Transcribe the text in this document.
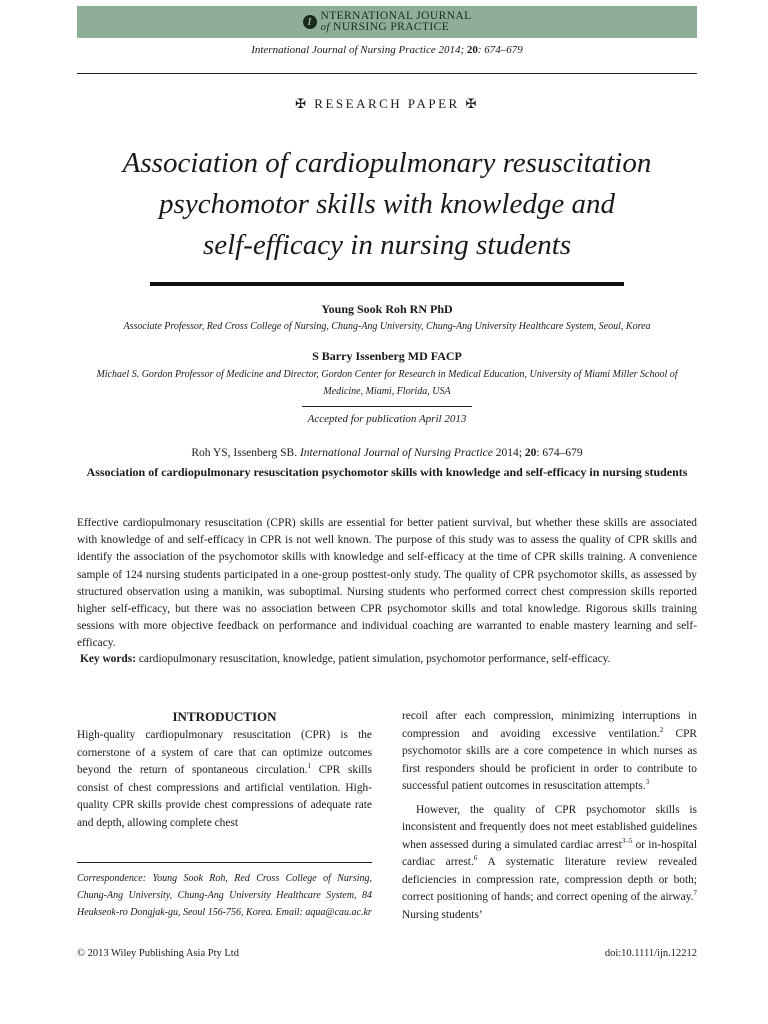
I NTERNATIONAL JOURNAL
of NURSING PRACTICE
International Journal of Nursing Practice 2014; 20: 674–679
✠ RESEARCH PAPER ✠
Association of cardiopulmonary resuscitation
psychomotor skills with knowledge and
self-efficacy in nursing students
Young Sook Roh RN PhD
Associate Professor, Red Cross College of Nursing, Chung-Ang University, Chung-Ang University Healthcare System, Seoul, Korea
S Barry Issenberg MD FACP
Michael S. Gordon Professor of Medicine and Director, Gordon Center for Research in Medical Education, University of Miami Miller School of Medicine, Miami, Florida, USA
Accepted for publication April 2013
Roh YS, Issenberg SB. International Journal of Nursing Practice 2014; 20: 674–679
Association of cardiopulmonary resuscitation psychomotor skills with knowledge and self-efficacy in nursing students
Effective cardiopulmonary resuscitation (CPR) skills are essential for better patient survival, but whether these skills are associated with knowledge of and self-efficacy in CPR is not well known. The purpose of this study was to assess the quality of CPR skills and identify the association of the psychomotor skills with knowledge and self-efficacy at the time of CPR skills training. A convenience sample of 124 nursing students participated in a one-group posttest-only study. The quality of CPR psychomotor skills, as assessed by structured observation using a manikin, was suboptimal. Nursing students who performed correct chest compression skills reported higher self-efficacy, but there was no association between CPR psychomotor skills and total knowledge. Rigorous skills training sessions with more objective feedback on performance and individual coaching are warranted to enable mastery learning and self-efficacy.
Key words: cardiopulmonary resuscitation, knowledge, patient simulation, psychomotor performance, self-efficacy.
INTRODUCTION

High-quality cardiopulmonary resuscitation (CPR) is the cornerstone of a system of care that can optimize outcomes beyond the return of spontaneous circulation.$^1$ CPR skills consist of chest compressions and artificial ventilation. High-quality CPR skills provide chest compressions of adequate rate and depth, allowing complete chest

Correspondence: Young Sook Roh, Red Cross College of Nursing, Chung-Ang University, Chung-Ang University Healthcare System, 84 Heukseok-ro Dongjak-gu, Seoul 156-756, Korea. Email: aqua@cau.ac.kr

recoil after each compression, minimizing interruptions in compression and avoiding excessive ventilation.$^2$ CPR psychomotor skills are a core competence in which nurses as first responders should be proficient in order to contribute to successful patient outcomes in resuscitation attempts.$^3$

However, the quality of CPR psychomotor skills is inconsistent and frequently does not meet established guidelines when assessed during a simulated cardiac arrest$^{3-5}$ or in-hospital cardiac arrest.$^6$ A systematic literature review revealed deficiencies in compression rate, compression depth or both; correct positioning of hands; and correct opening of the airway.$^7$ Nursing students’

© 2013 Wiley Publishing Asia Pty Ltd	doi:10.1111/ijn.12212
